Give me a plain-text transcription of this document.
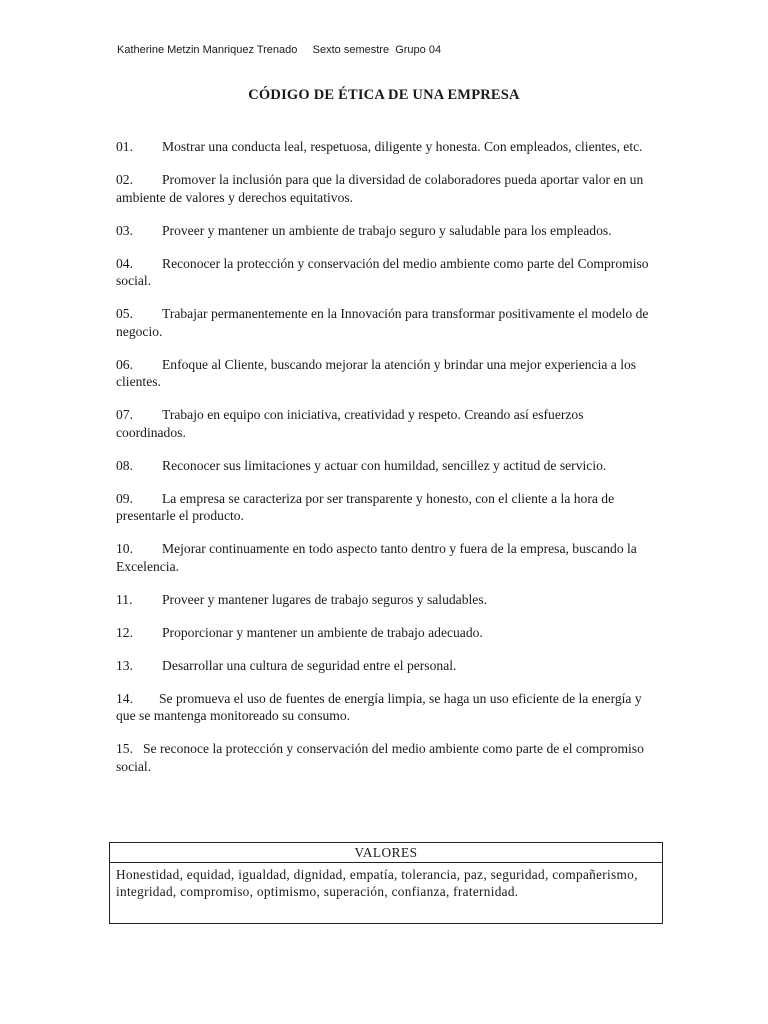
Katherine Metzin Manriquez Trenado Sexto semestre  Grupo 04
CÓDIGO DE ÉTICA DE UNA EMPRESA
01. Mostrar una conducta leal, respetuosa, diligente y honesta. Con empleados, clientes, etc.
02. Promover la inclusión para que la diversidad de colaboradores pueda aportar valor en un ambiente de valores y derechos equitativos.
03. Proveer y mantener un ambiente de trabajo seguro y saludable para los empleados.
04. Reconocer la protección y conservación del medio ambiente como parte del Compromiso social.
05. Trabajar permanentemente en la Innovación para transformar positivamente el modelo de negocio.
06. Enfoque al Cliente, buscando mejorar la atención y brindar una mejor experiencia a los clientes.
07. Trabajo en equipo con iniciativa, creatividad y respeto. Creando así esfuerzos coordinados.
08. Reconocer sus limitaciones y actuar con humildad, sencillez y actitud de servicio.
09. La empresa se caracteriza por ser transparente y honesto, con el cliente a la hora de presentarle el producto.
10. Mejorar continuamente en todo aspecto tanto dentro y fuera de la empresa, buscando la Excelencia.
11. Proveer y mantener lugares de trabajo seguros y saludables.
12. Proporcionar y mantener un ambiente de trabajo adecuado.
13. Desarrollar una cultura de seguridad entre el personal.
14. Se promueva el uso de fuentes de energía limpia, se haga un uso eficiente de la energía y que se mantenga monitoreado su consumo.
15. Se reconoce la protección y conservación del medio ambiente como parte de el compromiso social.
VALORES
Honestidad, equidad, igualdad, dignidad, empatía, tolerancia, paz, seguridad, compañerismo, integridad, compromiso, optimismo, superación, confianza, fraternidad.
